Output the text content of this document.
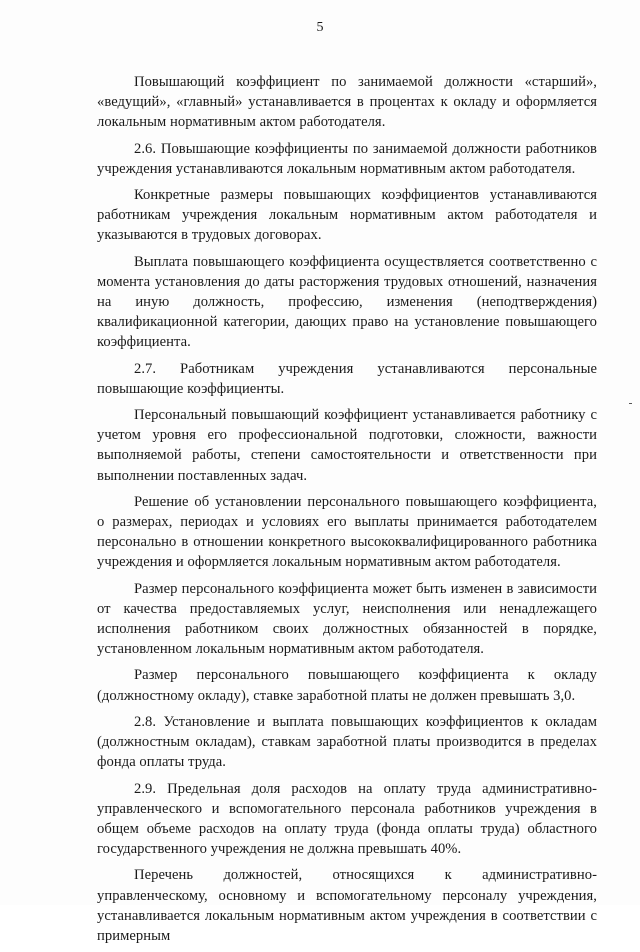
5

Повышающий коэффициент по занимаемой должности «старший», «ведущий», «главный» устанавливается в процентах к окладу и оформляется локальным нормативным актом работодателя.

2.6. Повышающие коэффициенты по занимаемой должности работников учреждения устанавливаются локальным нормативным актом работодателя.

Конкретные размеры повышающих коэффициентов устанавливаются работникам учреждения локальным нормативным актом работодателя и указываются в трудовых договорах.

Выплата повышающего коэффициента осуществляется соответственно с момента установления до даты расторжения трудовых отношений, назначения на иную должность, профессию, изменения (неподтверждения) квалификационной категории, дающих право на установление повышающего коэффициента.

2.7. Работникам учреждения устанавливаются персональные повышающие коэффициенты.

Персональный повышающий коэффициент устанавливается работнику с учетом уровня его профессиональной подготовки, сложности, важности выполняемой работы, степени самостоятельности и ответственности при выполнении поставленных задач.

Решение об установлении персонального повышающего коэффициента, о размерах, периодах и условиях его выплаты принимается работодателем персонально в отношении конкретного высококвалифицированного работника учреждения и оформляется локальным нормативным актом работодателя.

Размер персонального коэффициента может быть изменен в зависимости от качества предоставляемых услуг, неисполнения или ненадлежащего исполнения работником своих должностных обязанностей в порядке, установленном локальным нормативным актом работодателя.

Размер персонального повышающего коэффициента к окладу (должностному окладу), ставке заработной платы не должен превышать 3,0.

2.8. Установление и выплата повышающих коэффициентов к окладам (должностным окладам), ставкам заработной платы производится в пределах фонда оплаты труда.

2.9. Предельная доля расходов на оплату труда административно-управленческого и вспомогательного персонала работников учреждения в общем объеме расходов на оплату труда (фонда оплаты труда) областного государственного учреждения не должна превышать 40%.

Перечень должностей, относящихся к административно-управленческому, основному и вспомогательному персоналу учреждения, устанавливается локальным нормативным актом учреждения в соответствии с примерным
